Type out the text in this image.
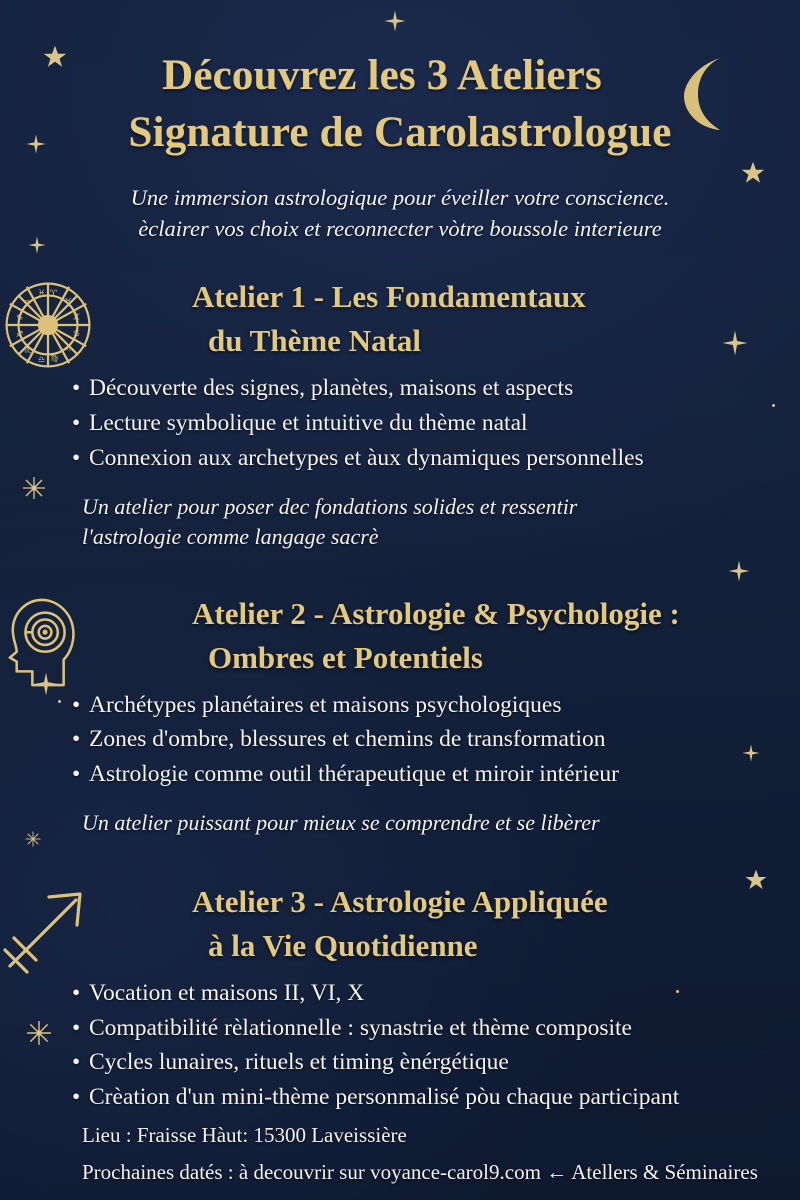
Découvrez les 3 Ateliers
Signature de Carolastrologue
Une immersion astrologique pour éveiller votre conscience.
èclairer vos choix et reconnecter vòtre boussole interieure
♈
♉
♊
♋
♌
♍
♎
♏
♐
♑
♒
♓	Atelier 1 - Les Fondamentaux
du Thème Natal
• Découverte des signes, planètes, maisons et aspects
• Lecture symbolique et intuitive du thème natal
• Connexion aux archetypes et àux dynamiques personnelles
Un atelier pour poser dec fondations solides et ressentir
l'astrologie comme langage sacrè
Atelier 2 - Astrologie & Psychologie :
Ombres et Potentiels
• Archétypes planétaires et maisons psychologiques
• Zones d'ombre, blessures et chemins de transformation
• Astrologie comme outil thérapeutique et miroir intérieur
Un atelier puissant pour mieux se comprendre et se libèrer
Atelier 3 - Astrologie Appliquée
à la Vie Quotidienne
• Vocation et maisons II, VI, X
• Compatibilité rèlationnelle : synastrie et thème composite
• Cycles lunaires, rituels et timing ènérgétique
• Crèation d'un mini-thème personmalisé pòu chaque participant

Lieu : Fraisse Hàut: 15300 Laveissière

Prochaines datés : à decouvrir sur voyance-carol9.com ← Atellers & Séminaires
